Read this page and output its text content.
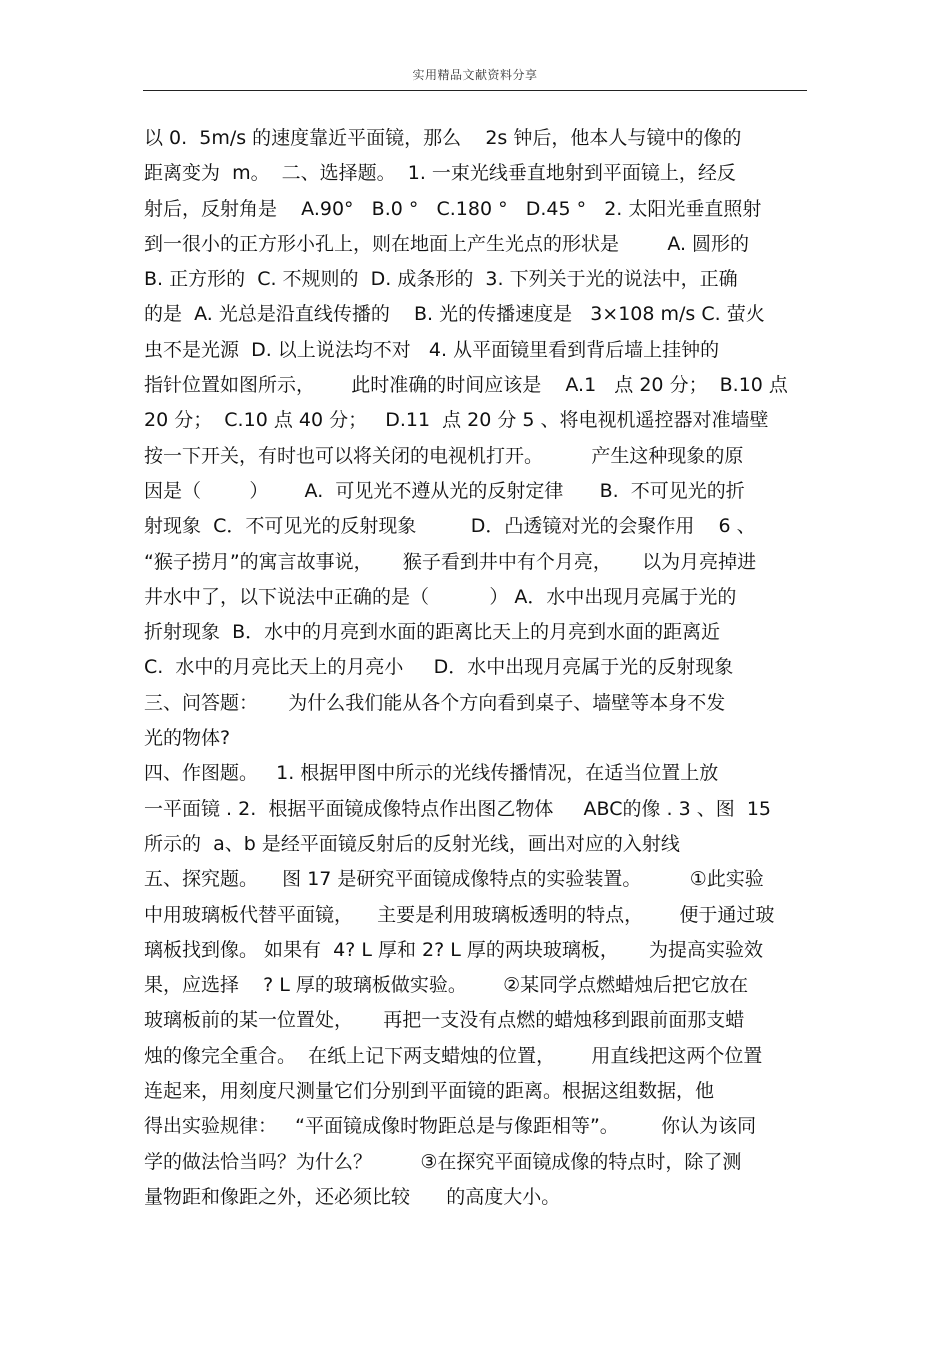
实用精品文献资料分享
以 0.  5m/s 的速度靠近平面镜，那么    2s 钟后，他本人与镜中的像的
距离变为  m。  二、选择题。  1. 一束光线垂直地射到平面镜上，经反
射后，反射角是    A.90°   B.0 °   C.180 °   D.45 °   2. 太阳光垂直照射
到一很小的正方形小孔上，则在地面上产生光点的形状是        A. 圆形的
B. 正方形的  C. 不规则的  D. 成条形的  3. 下列关于光的说法中，正确
的是  A. 光总是沿直线传播的    B. 光的传播速度是   3×108 m/s C. 萤火
虫不是光源  D. 以上说法均不对   4. 从平面镜里看到背后墙上挂钟的
指针位置如图所示，      此时准确的时间应该是    A.1   点 20 分；  B.10 点
20 分；  C.10 点 40 分；   D.11  点 20 分 5 、将电视机遥控器对准墙壁
按一下开关，有时也可以将关闭的电视机打开。        产生这种现象的原
因是（        ）      A.  可见光不遵从光的反射定律      B.  不可见光的折
射现象  C．不可见光的反射现象         D．凸透镜对光的会聚作用    6 、
“猴子捞月”的寓言故事说，     猴子看到井中有个月亮，     以为月亮掉进
井水中了，以下说法中正确的是（          ） A．水中出现月亮属于光的
折射现象  B．水中的月亮到水面的距离比天上的月亮到水面的距离近
C.  水中的月亮比天上的月亮小     D．水中出现月亮属于光的反射现象
三、问答题：     为什么我们能从各个方向看到桌子、墙壁等本身不发
光的物体?
四、作图题。   1. 根据甲图中所示的光线传播情况，在适当位置上放
一平面镜 . 2.  根据平面镜成像特点作出图乙物体     ABC的像 . 3 、图  15
所示的  a、b 是经平面镜反射后的反射光线，画出对应的入射线
五、探究题。    图 17 是研究平面镜成像特点的实验装置。        ①此实验
中用玻璃板代替平面镜，    主要是利用玻璃板透明的特点，      便于通过玻
璃板找到像。 如果有  4? L 厚和 2? L 厚的两块玻璃板，     为提高实验效
果，应选择    ? L 厚的玻璃板做实验。      ②某同学点燃蜡烛后把它放在
玻璃板前的某一位置处，     再把一支没有点燃的蜡烛移到跟前面那支蜡
烛的像完全重合。  在纸上记下两支蜡烛的位置，      用直线把这两个位置
连起来，用刻度尺测量它们分别到平面镜的距离。根据这组数据，他
得出实验规律：   “平面镜成像时物距总是与像距相等”。       你认为该同
学的做法恰当吗？为什么？        ③在探究平面镜成像的特点时，除了测
量物距和像距之外，还必须比较      的高度大小。
